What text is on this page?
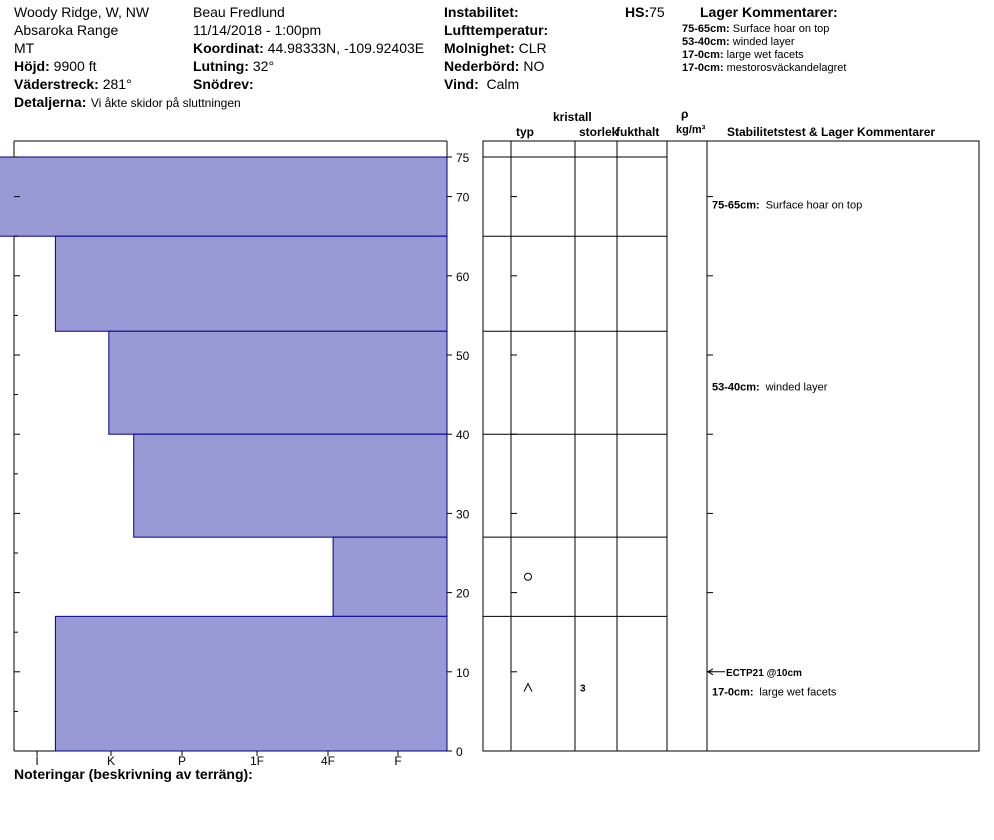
Woody Ridge, W, NW
Absaroka Range
MT
Höjd: 9900 ft
Väderstreck: 281°
Detaljerna: Vi åkte skidor på sluttningen
Beau Fredlund
11/14/2018 - 1:00pm
Koordinat: 44.98333N, -109.92403E
Lutning: 32°
Snödrev:
Instabilitet:
Lufttemperatur:
Molnighet: CLR
Nederbörd: NO
Vind: Calm
HS:75	Lager Kommentarer:
75-65cm: Surface hoar on top
53-40cm: winded layer
17-0cm: large wet facets
17-0cm: mestorosväckandelagret
kristall
typ	storlek
fukthalt
ρ
kg/m³ Stabilitetstest & Lager Kommentarer
Noteringar (beskrivning av terräng):
0
10
20
30
40
50
60
70
75
I	K	P	1F	4F	F
3
ECTP21 @10cm
75-65cm: Surface hoar on top
53-40cm: winded layer
17-0cm: large wet facets
